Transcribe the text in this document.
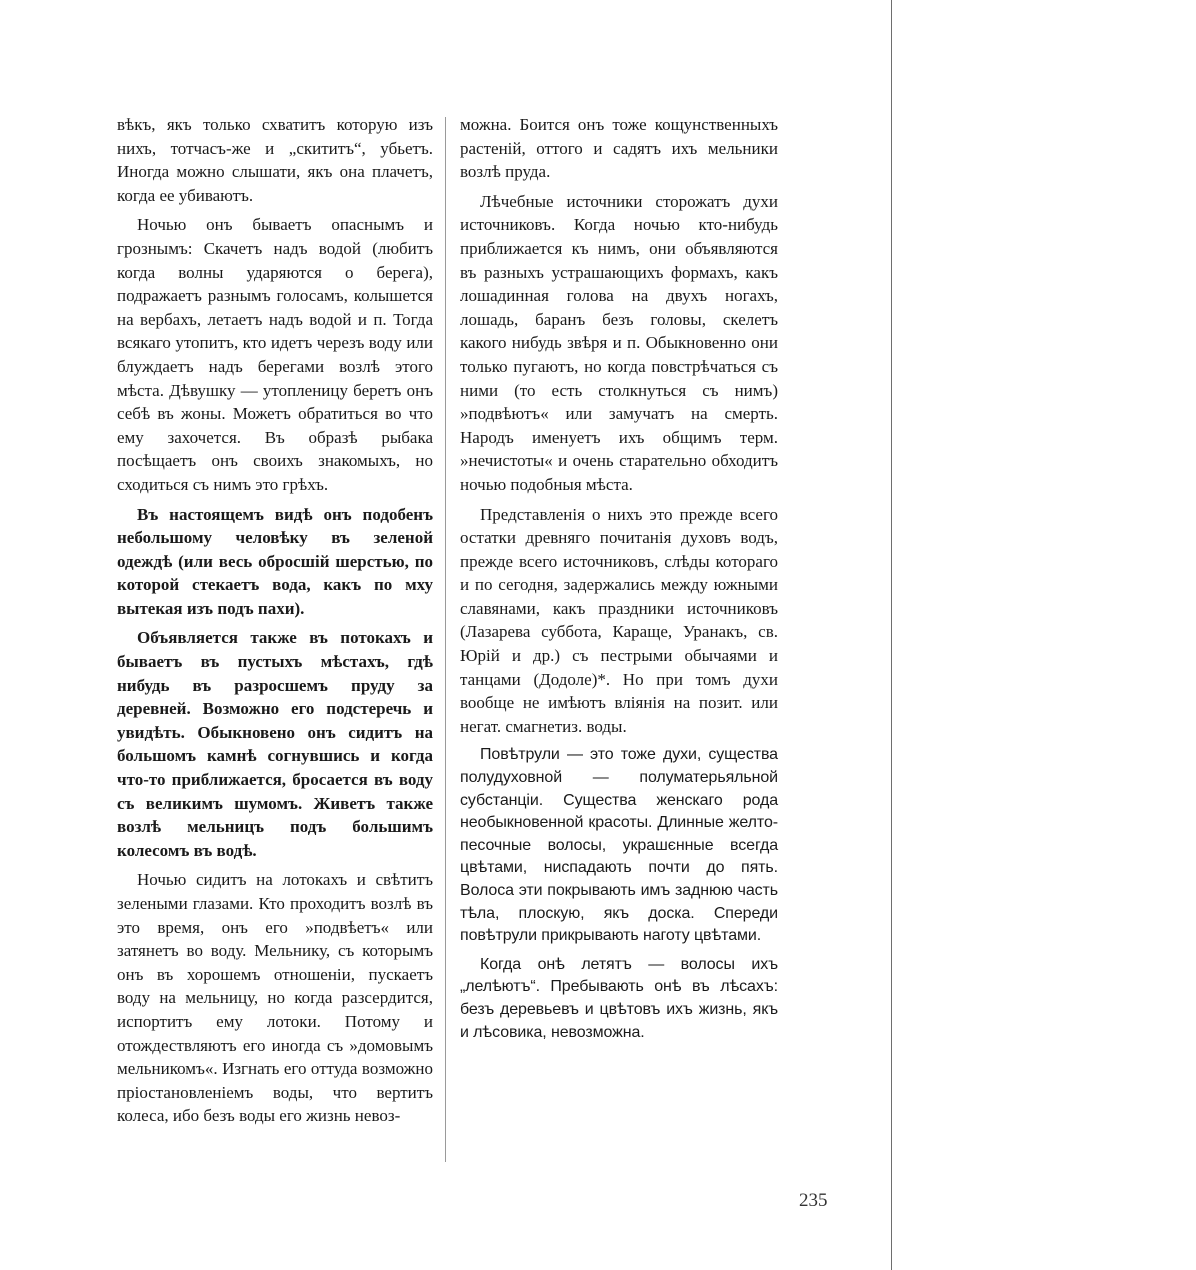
вѣкъ, якъ только схватитъ которую изъ нихъ, тотчасъ-же и „скититъ“, убьетъ. Иногда можно слышати, якъ она плачетъ, когда ее убиваютъ.

Ночью онъ бываетъ опаснымъ и грознымъ: Скачетъ надъ водой (любитъ когда волны ударяются о берега), подражаетъ разнымъ голосамъ, колышется на вербахъ, летаетъ надъ водой и п. Тогда всякаго утопитъ, кто идетъ черезъ воду или блуждаетъ надъ берегами возлѣ этого мѣста. Дѣвушку — утопленицу беретъ онъ себѣ въ жоны. Можетъ обратиться во что ему захочется. Въ образѣ рыбака посѣщаетъ онъ своихъ знакомыхъ, но сходиться съ нимъ это грѣхъ.

Въ настоящемъ видѣ онъ подобенъ небольшому человѣку въ зеленой одеждѣ (или весь обросшій шерстью, по которой стекаетъ вода, какъ по мху вытекая изъ подъ пахи).

Объявляется также въ потокахъ и бываетъ въ пустыхъ мѣстахъ, гдѣ нибудь въ разросшемъ пруду за деревней. Возможно его подстеречь и увидѣть. Обыкновено онъ сидитъ на большомъ камнѣ согнувшись и когда что-то приближается, бросается въ воду съ великимъ шумомъ. Живетъ также возлѣ мельницъ подъ большимъ колесомъ въ водѣ.

Ночью сидитъ на лотокахъ и свѣтитъ зелеными глазами. Кто проходитъ возлѣ въ это время, онъ его »подвѣетъ« или затянетъ во воду. Мельнику, съ которымъ онъ въ хорошемъ отношеніи, пускаетъ воду на мельницу, но когда разсердится, испортитъ ему лотоки. Потому и отождествляютъ его иногда съ »домовымъ мельникомъ«. Изгнать его оттуда возможно пріостановленіемъ воды, что вертитъ колеса, ибо безъ воды его жизнь невоз-

можна. Боится онъ тоже кощунственныхъ растеній, оттого и садятъ ихъ мельники возлѣ пруда.

Лѣчебные источники сторожатъ духи источниковъ. Когда ночью кто-нибудь приближается къ нимъ, они объявляются въ разныхъ устрашающихъ формахъ, какъ лошадинная голова на двухъ ногахъ, лошадь, баранъ безъ головы, скелетъ какого нибудь звѣря и п. Обыкновенно они только пугаютъ, но когда повстрѣчаться съ ними (то есть столкнуться съ нимъ) »подвѣютъ« или замучатъ на смерть. Народъ именуетъ ихъ общимъ терм. »нечистоты« и очень старательно обходитъ ночью подобныя мѣста.

Представленія о нихъ это прежде всего остатки древняго почитанія духовъ водъ, прежде всего источниковъ, слѣды котораго и по сегодня, задержались между южными славянами, какъ праздники источниковъ (Лазарева суббота, Каращe, Уранакъ, св. Юрій и др.) съ пестрыми обычаями и танцами (Додоле)*. Но при томъ духи вообще не имѣютъ вліянія на позит. или негат. смагнетиз. воды.

Повѣтрули — это тоже духи, существа полудуховной — полуматерьяльной субстанціи. Существа женскаго рода необыкновенной красоты. Длинные желто-песочные волосы, украшєнные всегда цвѣтами, ниспадають почти до пять. Волоса эти покрывають имъ заднюю часть тѣла, плоскую, якъ доска. Спереди повѣтрули прикрывають наготу цвѣтами.

Когда онѣ летятъ — волосы ихъ „лелѣютъ“. Пребывають онѣ въ лѣсахъ: безъ деревьевъ и цвѣтовъ ихъ жизнь, якъ и лѣсовика, невозможна.

235
